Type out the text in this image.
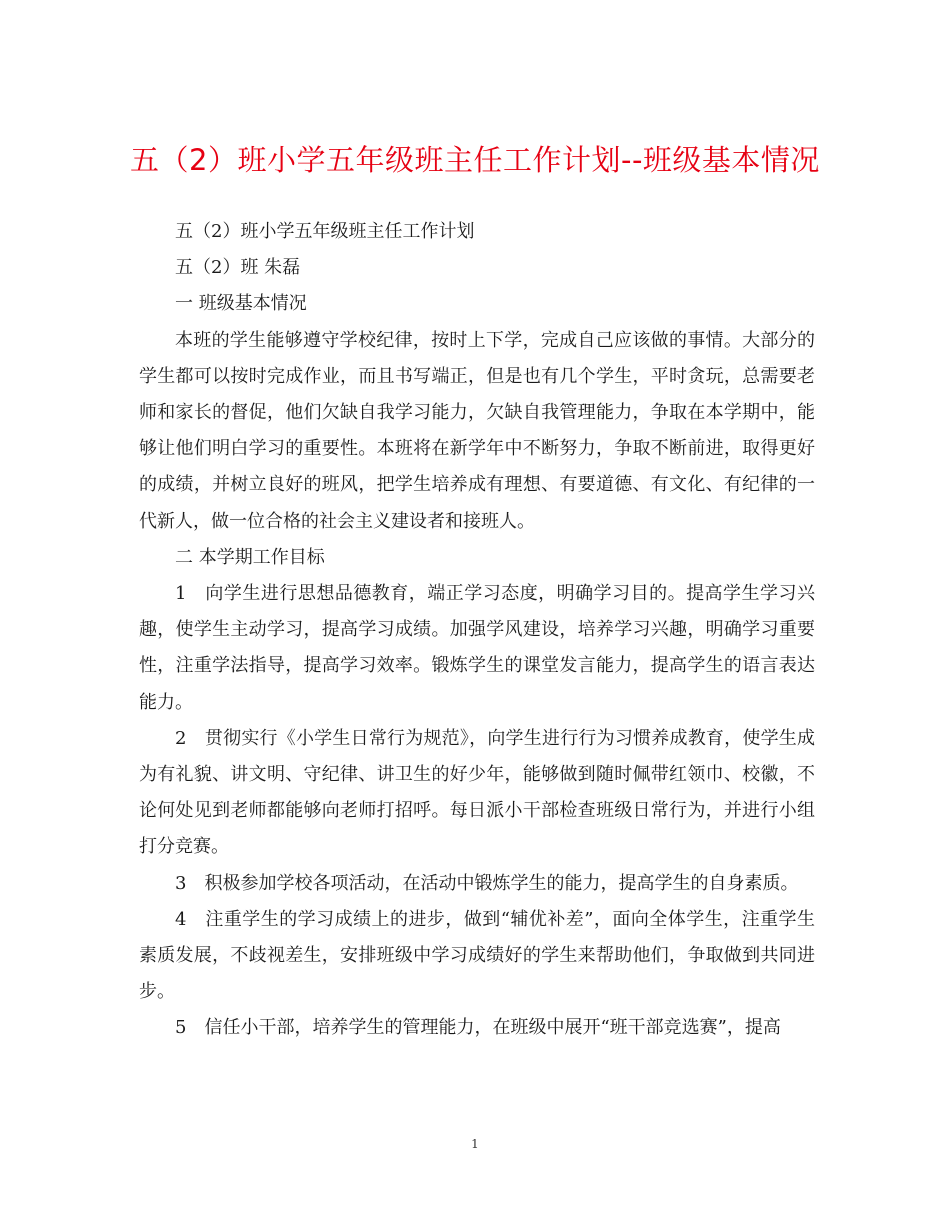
五（2）班小学五年级班主任工作计划--班级基本情况

五（2）班小学五年级班主任工作计划

五（2）班 朱磊

一 班级基本情况

本班的学生能够遵守学校纪律，按时上下学，完成自己应该做的事情。大部分的学生都可以按时完成作业，而且书写端正，但是也有几个学生，平时贪玩，总需要老师和家长的督促，他们欠缺自我学习能力，欠缺自我管理能力，争取在本学期中，能够让他们明白学习的重要性。本班将在新学年中不断努力，争取不断前进，取得更好的成绩，并树立良好的班风，把学生培养成有理想、有要道德、有文化、有纪律的一代新人，做一位合格的社会主义建设者和接班人。

二 本学期工作目标

1　向学生进行思想品德教育，端正学习态度，明确学习目的。提高学生学习兴趣，使学生主动学习，提高学习成绩。加强学风建设，培养学习兴趣，明确学习重要性，注重学法指导，提高学习效率。锻炼学生的课堂发言能力，提高学生的语言表达能力。

2　贯彻实行《小学生日常行为规范》，向学生进行行为习惯养成教育，使学生成为有礼貌、讲文明、守纪律、讲卫生的好少年，能够做到随时佩带红领巾、校徽，不论何处见到老师都能够向老师打招呼。每日派小干部检查班级日常行为，并进行小组打分竞赛。

3　积极参加学校各项活动，在活动中锻炼学生的能力，提高学生的自身素质。

4　注重学生的学习成绩上的进步，做到“辅优补差”，面向全体学生，注重学生素质发展，不歧视差生，安排班级中学习成绩好的学生来帮助他们，争取做到共同进步。

5　信任小干部，培养学生的管理能力，在班级中展开“班干部竞选赛”，提高

1
